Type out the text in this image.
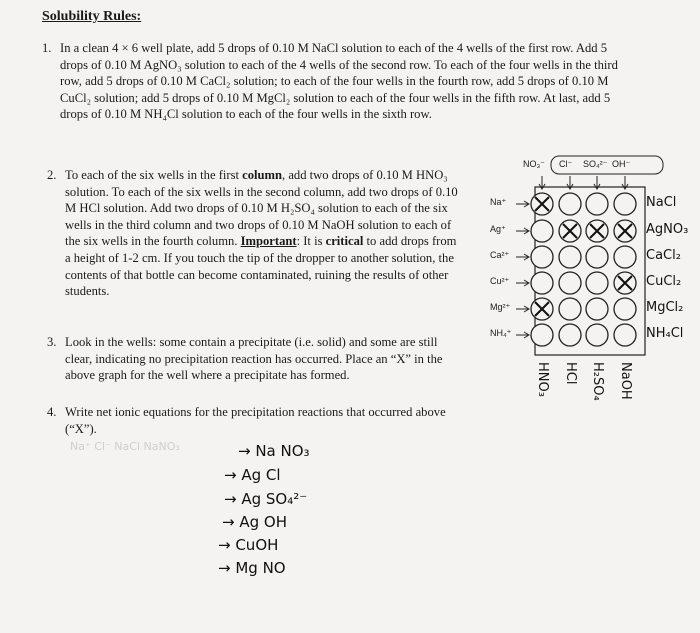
Solubility Rules:
1. In a clean 4 × 6 well plate, add 5 drops of 0.10 M NaCl solution to each of the 4 wells of the first row. Add 5 drops of 0.10 M AgNO₃ solution to each of the 4 wells of the second row. To each of the four wells in the third row, add 5 drops of 0.10 M CaCl₂ solution; to each of the four wells in the fourth row, add 5 drops of 0.10 M CuCl₂ solution; add 5 drops of 0.10 M MgCl₂ solution to each of the four wells in the fifth row. At last, add 5 drops of 0.10 M NH₄Cl solution to each of the four wells in the sixth row.
2. To each of the six wells in the first column, add two drops of 0.10 M HNO₃ solution. To each of the six wells in the second column, add two drops of 0.10 M HCl solution. Add two drops of 0.10 M H₂SO₄ solution to each of the six wells in the third column and two drops of 0.10 M NaOH solution to each of the six wells in the fourth column. Important: It is critical to add drops from a height of 1-2 cm. If you touch the tip of the dropper to another solution, the contents of that bottle can become contaminated, ruining the results of other students.
3. Look in the wells: some contain a precipitate (i.e. solid) and some are still clear, indicating no precipitation reaction has occurred. Place an “X” in the above graph for the well where a precipitate has formed.
4. Write net ionic equations for the precipitation reactions that occurred above (“X”).
Na⁺ Cl⁻ NaCl NaNO₃	→ Na NO₃
→ Ag Cl
→ Ag SO₄²⁻
→ Ag OH
→ CuOH
→ Mg NO
NO₃⁻ Cl⁻ SO₄²⁻ OH⁻
Na⁺
Ag⁺
Ca²⁺
Cu²⁺
Mg²⁺
NH₄⁺
NaCl
AgNO₃
CaCl₂
CuCl₂
MgCl₂
NH₄Cl
HNO₃ HCl H₂SO₄ NaOH
